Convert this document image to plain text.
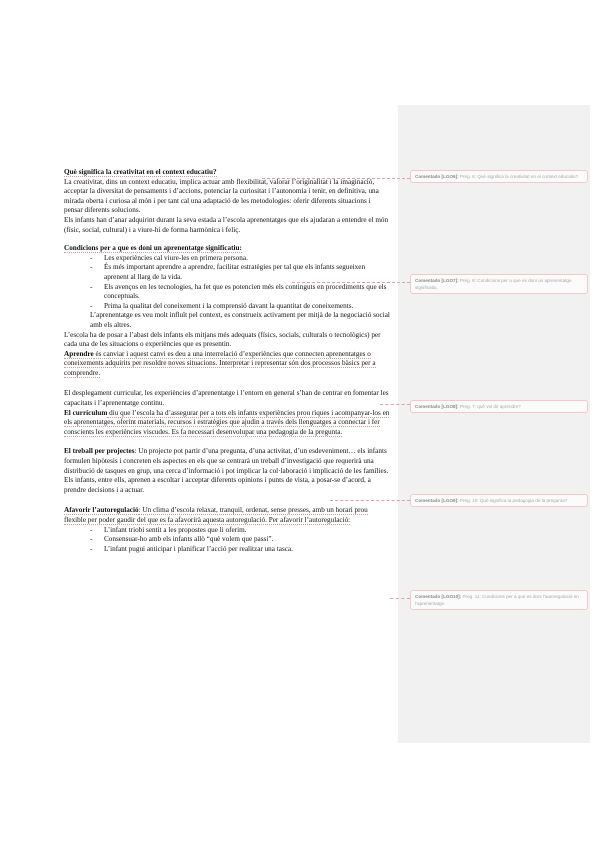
Què significa la creativitat en el context educatiu?

La creativitat, dins un context educatiu, implica actuar amb flexibilitat, valorar l’originalitat i la imaginació, acceptar la diversitat de pensaments i d’accions, potenciar la curiositat i l’autonomia i tenir, en definitiva, una mirada oberta i curiosa al món i per tant cal una adaptació de les metodologies: oferir diferents situacions i pensar diferents solucions.

Els infants han d’anar adquirint durant la seva estada a l’escola aprenentatges que els ajudaran a entendre el món (físic, social, cultural) i a viure-hi de forma harmònica i feliç.

Condicions per a que es doni un aprenentatge significatiu:

- Les experiències cal viure-les en primera persona.
- És més important aprendre a aprendre, facilitar estratègies per tal que els infants segueixen aprenent al llarg de la vida.
- Els avenços en les tecnologies, ha fet que es potencien més els continguts en procediments que els conceptuals.
- Prima la qualitat del coneixement i la comprensió davant la quantitat de coneixements.

L’aprenentatge es veu molt influït pel context, es construeix activament per mitjà de la negociació social amb els altres.

L’escola ha de posar a l’abast dels infants els mitjans més adequats (físics, socials, culturals o tecnològics) per cada una de les situacions o experiències que es presentin.

Aprendre és canviar i aquest canvi es deu a una interrelació d’experiències que connecten aprenentatges o coneixements adquirits per resoldre noves situacions. Interpretar i representar són dos processos bàsics per a comprendre.

El desplegament curricular, les experiències d’aprenentatge i l’entorn en general s’han de centrar en fomentar les capacitats i l’aprenentatge continu.

El currículum diu que l’escola ha d’assegurar per a tots els infants experiències prou riques i acompanyar-los en els aprenentatges, oferint materials, recursos i estratègies que ajudin a través dels llenguatges a connectar i fer conscients les experiències viscudes. Es fa necessari desenvolupar una pedagogia de la pregunta.

El treball per projectes: Un projecte pot partir d’una pregunta, d’una activitat, d’un esdeveniment… els infants formulen hipòtesis i concreten els aspectes en els que se centrarà un treball d’investigació que requerirà una distribució de tasques en grup, una cerca d’informació i pot implicar la col·laboració i implicació de les famílies.

Els infants, entre ells, aprenen a escoltar i acceptar diferents opinions i punts de vista, a posar-se d’acord, a prendre decisions i a actuar.

Afavorir l’autoregulació: Un clima d’escola relaxat, tranquil, ordenat, sense presses, amb un horari prou flexible per poder gaudir del que es fa afavorirà aquesta autoregulació. Per afavorir l’autoregulació:

- L’infant triobi sentit a les propostes que li oferim.
- Consensuar-ho amb els infants allò “què volem que passi”.
- L’infant pugui anticipar i planificar l’acció per realitzar una tasca.
Comentado [LGO6]: Preg. 6: Què significa la creativitat en el context educatiu?
Comentado [LGO7]: Preg. 8: Condicions per a que es doni un aprenentatge significatiu.
Comentado [LGO8]: Preg. 7: què vol dir aprendre?
Comentado [LGO9]: Preg. 10: Què significa la pedagogia de la pregunta?
Comentado [LGO10]: Preg. 11: Condicions per a que es doni l’autoregulació en l’aprenentatge.
